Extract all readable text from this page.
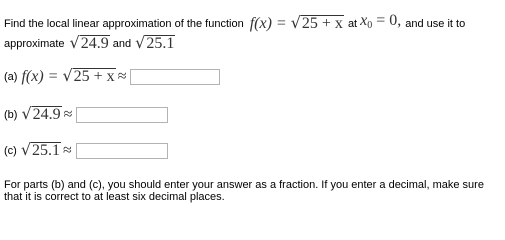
Find the local linear approximation of the function f(x) = √ 25 + x at $x_0 = 0$, and use it to
approximate √ 24.9 and √ 25.1
(a) f(x) = √ 25 + x ≈
(b) √ 24.9 ≈
(c) √ 25.1 ≈
For parts (b) and (c), you should enter your answer as a fraction. If you enter a decimal, make sure
that it is correct to at least six decimal places.
